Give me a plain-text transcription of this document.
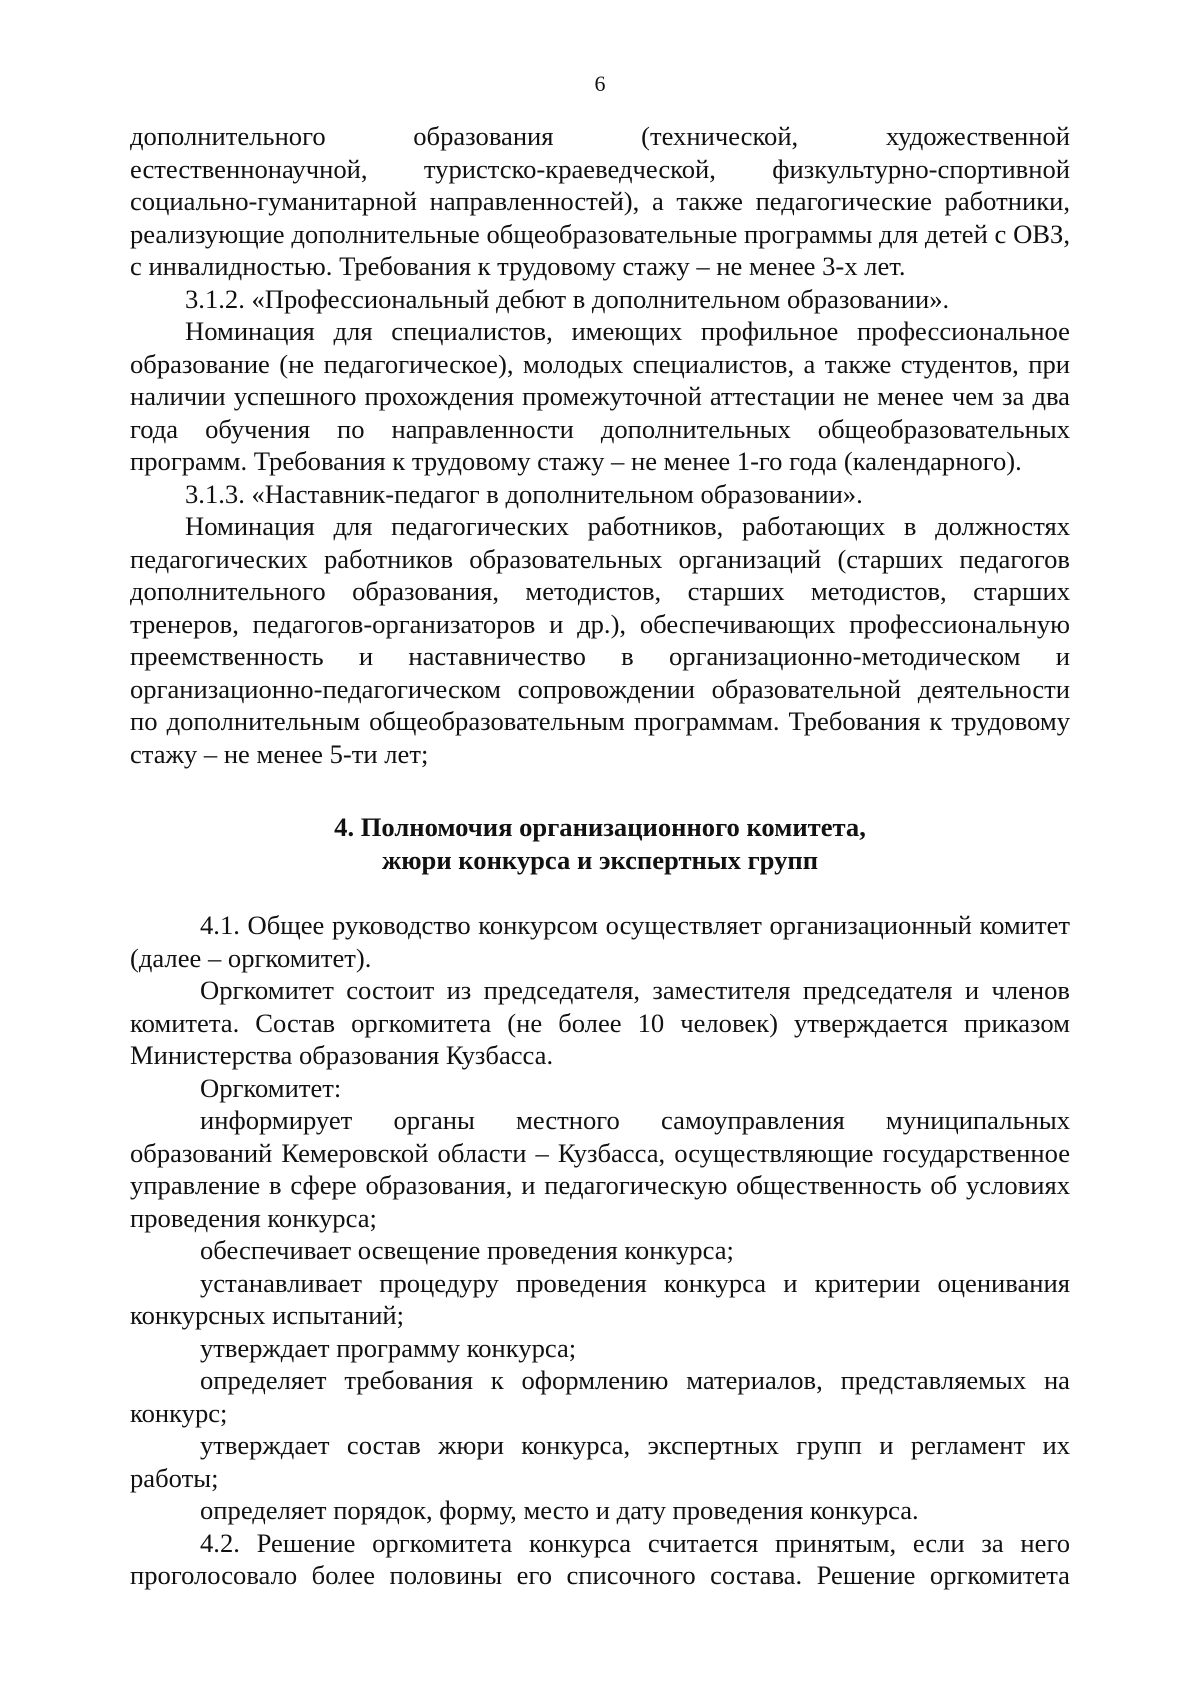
6

дополнительного образования (технической, художественной естественнонаучной, туристско-краеведческой, физкультурно-спортивной социально-гуманитарной направленностей), а также педагогические работники, реализующие дополнительные общеобразовательные программы для детей с ОВЗ, с инвалидностью. Требования к трудовому стажу – не менее 3-х лет.

3.1.2. «Профессиональный дебют в дополнительном образовании».

Номинация для специалистов, имеющих профильное профессиональное образование (не педагогическое), молодых специалистов, а также студентов, при наличии успешного прохождения промежуточной аттестации не менее чем за два года обучения по направленности дополнительных общеобразовательных программ. Требования к трудовому стажу – не менее 1-го года (календарного).

3.1.3. «Наставник-педагог в дополнительном образовании».

Номинация для педагогических работников, работающих в должностях педагогических работников образовательных организаций (старших педагогов дополнительного образования, методистов, старших методистов, старших тренеров, педагогов-организаторов и др.), обеспечивающих профессиональную преемственность и наставничество в организационно-методическом и организационно-педагогическом сопровождении образовательной деятельности по дополнительным общеобразовательным программам. Требования к трудовому стажу – не менее 5-ти лет;

4. Полномочия организационного комитета,
жюри конкурса и экспертных групп

4.1. Общее руководство конкурсом осуществляет организационный комитет (далее – оргкомитет).

Оргкомитет состоит из председателя, заместителя председателя и членов комитета. Состав оргкомитета (не более 10 человек) утверждается приказом Министерства образования Кузбасса.

Оргкомитет:

информирует органы местного самоуправления муниципальных образований Кемеровской области – Кузбасса, осуществляющие государственное управление в сфере образования, и педагогическую общественность об условиях проведения конкурса;

обеспечивает освещение проведения конкурса;

устанавливает процедуру проведения конкурса и критерии оценивания конкурсных испытаний;

утверждает программу конкурса;

определяет требования к оформлению материалов, представляемых на конкурс;

утверждает состав жюри конкурса, экспертных групп и регламент их работы;

определяет порядок, форму, место и дату проведения конкурса.

4.2. Решение оргкомитета конкурса считается принятым, если за него проголосовало более половины его списочного состава. Решение оргкомитета
